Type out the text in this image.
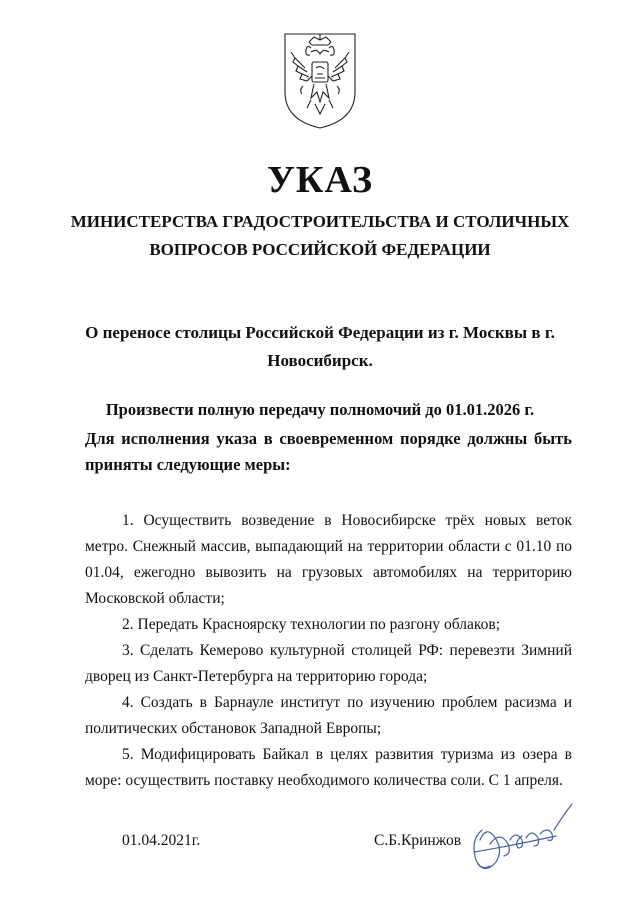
УКАЗ
МИНИСТЕРСТВА ГРАДОСТРОИТЕЛЬСТВА И СТОЛИЧНЫХ
ВОПРОСОВ РОССИЙСКОЙ ФЕДЕРАЦИИ
О переносе столицы Российской Федерации из г. Москвы в г.
Новосибирск.
Произвести полную передачу полномочий до 01.01.2026 г.
Для исполнения указа в своевременном порядке должны быть приняты следующие меры:

1. Осуществить возведение в Новосибирске трёх новых веток метро. Снежный массив, выпадающий на территории области с 01.10 по 01.04, ежегодно вывозить на грузовых автомобилях на территорию Московской области;

2. Передать Красноярску технологии по разгону облаков;

3. Сделать Кемерово культурной столицей РФ: перевезти Зимний дворец из Санкт-Петербурга на территорию города;

4. Создать в Барнауле институт по изучению проблем расизма и политических обстановок Западной Европы;

5. Модифицировать Байкал в целях развития туризма из озера в море: осуществить поставку необходимого количества соли. С 1 апреля.

01.04.2021г.	С.Б.Кринжов
